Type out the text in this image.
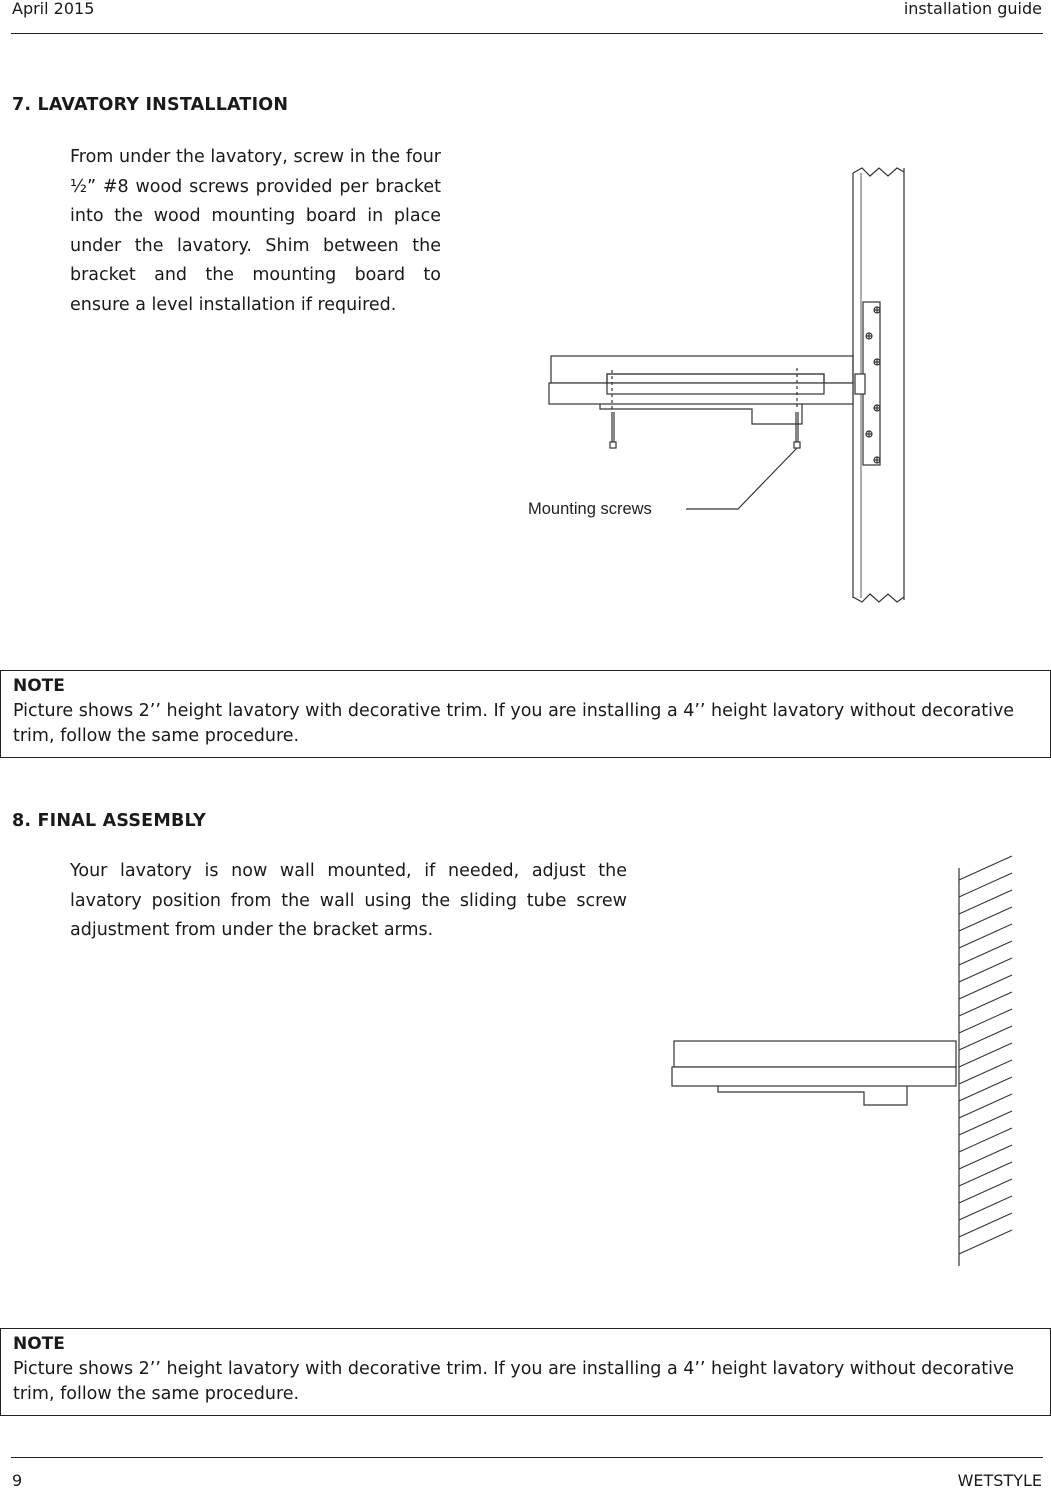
April 2015	installation guide
7. LAVATORY INSTALLATION

From under the lavatory, screw in the four ½” #8 wood screws provided per bracket into the wood mounting board in place under the lavatory. Shim between the bracket and the mounting board to ensure a level installation if required.

Mounting screws
NOTE

Picture shows 2’’ height lavatory with decorative trim. If you are installing a 4’’ height lavatory without decorative trim, follow the same procedure.

8. FINAL ASSEMBLY

Your lavatory is now wall mounted, if needed, adjust the lavatory position from the wall using the sliding tube screw adjustment from under the bracket arms.

NOTE

Picture shows 2’’ height lavatory with decorative trim. If you are installing a 4’’ height lavatory without decorative trim, follow the same procedure.

9	WETSTYLE
